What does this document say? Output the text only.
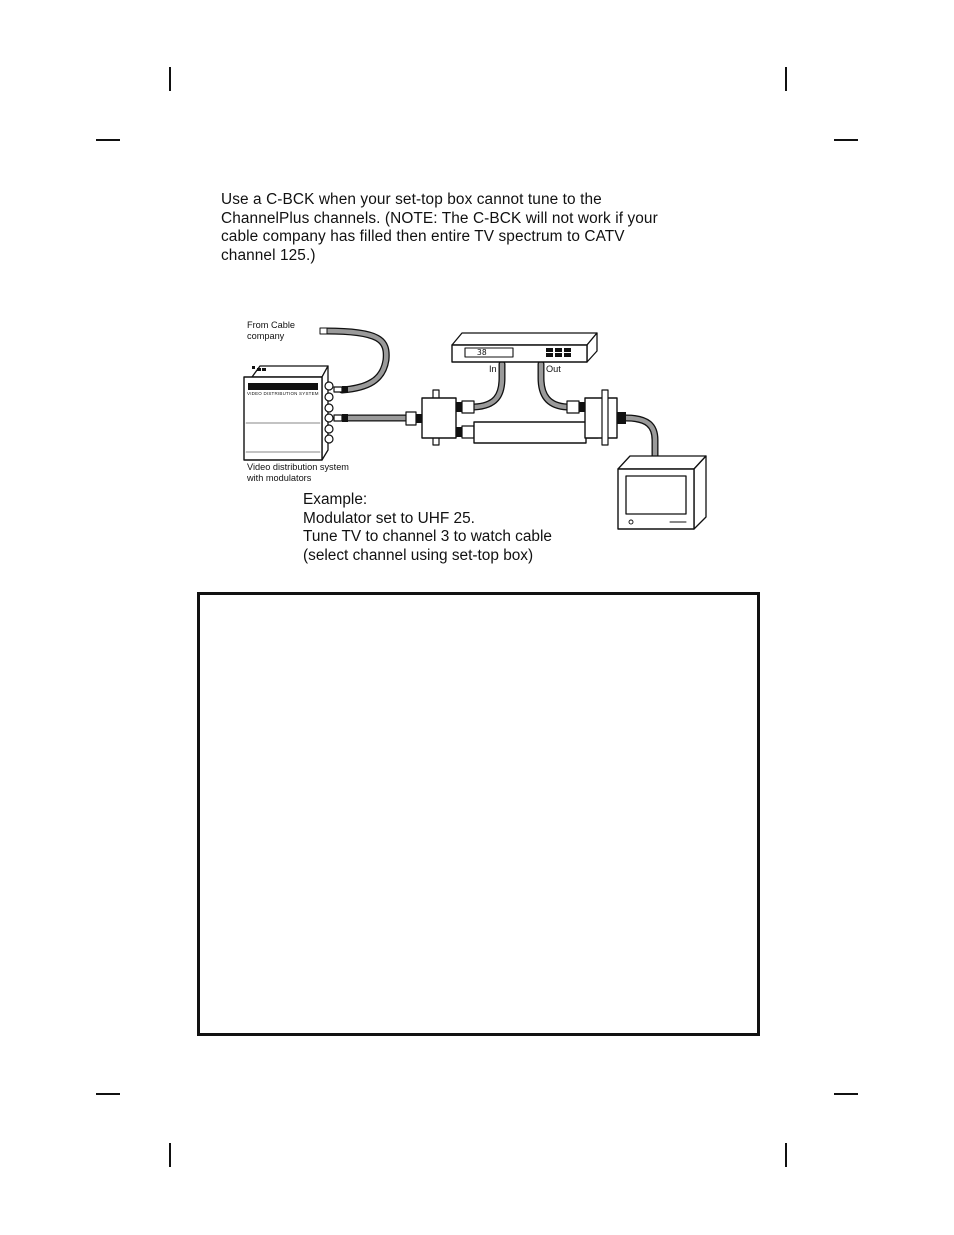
Use a C-BCK when your set-top box cannot tune to the

ChannelPlus channels. (NOTE: The C-BCK will not work if your

cable company has filled then entire TV spectrum to CATV

channel 125.)

From Cable
company
VIDEO DISTRIBUTION SYSTEM
38
In	Out
Video distribution system
with modulators
Example:
Modulator set to UHF 25.
Tune TV to channel 3 to watch cable
(select channel using set-top box)
